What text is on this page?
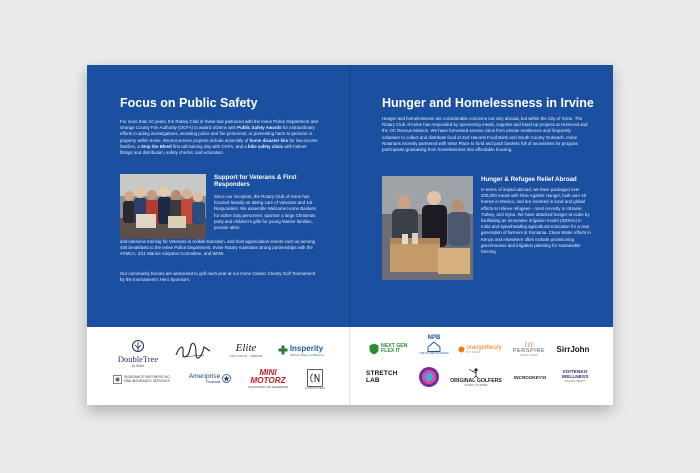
Focus on Public Safety

For more than 10 years, the Rotary Club of Irvine has partnered with the Irvine Police Department and Orange County Fire Authority (OCFA) to award citizens with Public Safety Awards for extraordinary efforts in aiding investigations, assisting police and fire personnel, or preventing harm to persons or property within Irvine. Recent service projects include assembly of home disaster kits for low income families, a Stop the Bleed first aid training day with OCFA, and a bike safety clinic with helmet fittings and distribution, safety checks, and education.

Support for Veterans & First Responders

Since our inception, the Rotary Club of Irvine has focused heavily on taking care of Veterans and 1st Responders. We assemble Welcome Home Baskets for active duty personnel, sponsor a large Christmas party and children's gifts for young Marine families, provide attire

and interview training for Veterans in civilian-transition, and host appreciation events such as serving 400 breakfasts to the Irvine Police Department. Irvine Rotary maintains strong partnerships with the AYMCA, 2/11 Marine Adoption Committee, and WAW.

Our community heroes are welcomed to golf each year at our Irvine Classic Charity Golf Tournament by the tournament's Hero Sponsors.

DoubleTree
by Hilton
Elite
COLLISION · REPAIR
Insperity
HR that Makes a Difference
INSURANCE PARTNERS INC.
DBA INSURANCE SERVICES
Ameriprise
Financial
MINI MOTORZ
THE MOTORZ CAR DEALERSHIP	CLUB NOUVEAU
Hunger and Homelessness in Irvine

Hunger and homelessness are considerable concerns not only abroad, but within the City of Irvine. The Rotary Club of Irvine has responded by sponsoring meals, supplies and hand-up projects at HomeAid and the OC Rescue Mission. We have harvested excess citrus from private residences and frequently volunteer to collect and distribute food at 2nd Harvest Food Bank and South County Outreach. Irvine Rotarians recently partnered with Wise Place to fund and pack baskets full of necessities for program participants graduating from homelessness into affordable housing.

Hunger & Refugee Relief Abroad

In terms of impact abroad, we have packaged over 200,000 meals with Rise Against Hunger, built over 40 homes in Mexico, and are involved in local and global efforts to relieve refugees - most recently in Ukraine, Turkey, and Syria. We have attacked hunger at scale by facilitating an innovative irrigation model (IDOHA) in India and spearheading agricultural education for a new generation of farmers in Romania. Clean Water efforts in Kenya and elsewhere often include provisioning greenhouses and irrigation planning for sustainable farming.

NEXT GEN FLEX IT
NPB
THE FUTURE OF DESIGN
orangetheory
FITNESS	PERSPIRE
SAUNA STUDIO
SirrJohn
STRETCH LAB	ORIGINAL GOLFERS
SOCIETY OF IRVINE
INCROOKEYSI
VOITENKO WELLNESS
HOLISTIC HEALTH
